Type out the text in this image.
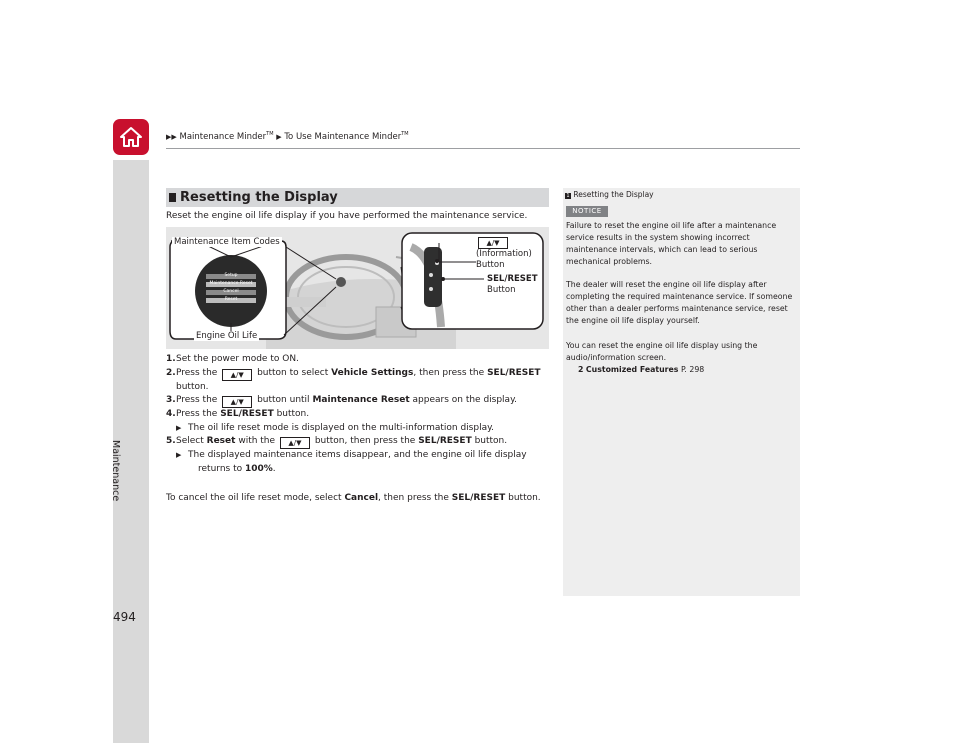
▶▶ Maintenance Minder™ ▶ To Use Maintenance Minder™
Maintenance
494
Resetting the Display
Reset the engine oil life display if you have performed the maintenance service.
Maintenance Item Codes
Engine Oil Life
Setup
Maintenance Reset
Cancel
Reset
▲/▼
(Information)
Button
SEL/RESET
Button
1. Set the power mode to ON.
2. Press the ▲/▼ button to select Vehicle Settings, then press the SEL/RESET
button.
3. Press the ▲/▼ button until Maintenance Reset appears on the display.
4. Press the SEL/RESET button.
▶ The oil life reset mode is displayed on the multi-information display.
5. Select Reset with the ▲/▼ button, then press the SEL/RESET button.
▶ The displayed maintenance items disappear, and the engine oil life display
returns to 100%.
To cancel the oil life reset mode, select Cancel, then press the SEL/RESET button.
1 Resetting the Display
NOTICE
Failure to reset the engine oil life after a maintenance service results in the system showing incorrect maintenance intervals, which can lead to serious mechanical problems.
The dealer will reset the engine oil life display after completing the required maintenance service. If someone other than a dealer performs maintenance service, reset the engine oil life display yourself.
You can reset the engine oil life display using the audio/information screen.
2 Customized Features P. 298
